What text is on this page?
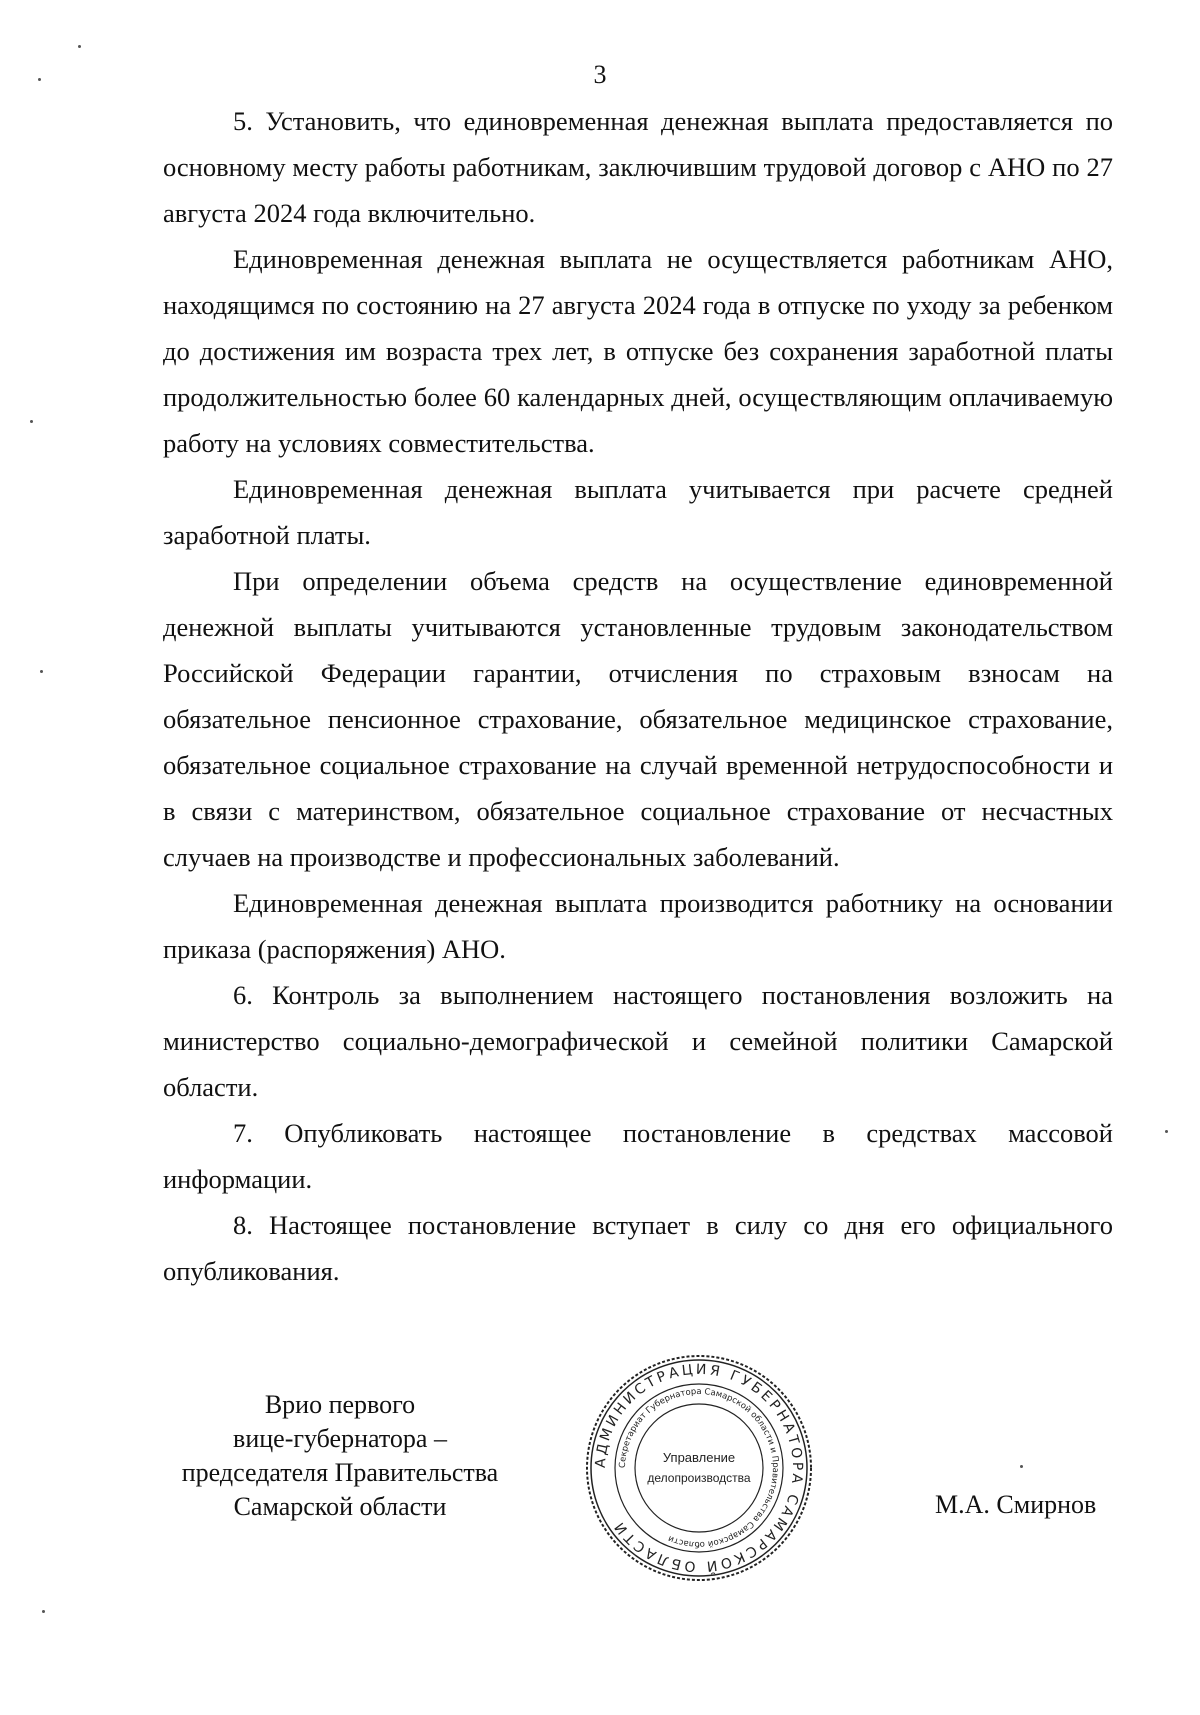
3

5. Установить, что единовременная денежная выплата предоставляется по основному месту работы работникам, заключившим трудовой договор с АНО по 27 августа 2024 года включительно.

Единовременная денежная выплата не осуществляется работникам АНО, находящимся по состоянию на 27 августа 2024 года в отпуске по уходу за ребенком до достижения им возраста трех лет, в отпуске без сохранения заработной платы продолжительностью более 60 календарных дней, осуществляющим оплачиваемую работу на условиях совместительства.

Единовременная денежная выплата учитывается при расчете средней заработной платы.

При определении объема средств на осуществление единовременной денежной выплаты учитываются установленные трудовым законодательством Российской Федерации гарантии, отчисления по страховым взносам на обязательное пенсионное страхование, обязательное медицинское страхование, обязательное социальное страхование на случай временной нетрудоспособности и в связи с материнством, обязательное социальное страхование от несчастных случаев на производстве и профессиональных заболеваний.

Единовременная денежная выплата производится работнику на основании приказа (распоряжения) АНО.

6. Контроль за выполнением настоящего постановления возложить на министерство социально-демографической и семейной политики Самарской области.

7. Опубликовать настоящее постановление в средствах массовой информации.

8. Настоящее постановление вступает в силу со дня его официального опубликования.

Врио первого
вице-губернатора –
председателя Правительства
Самарской области
АДМИНИСТРАЦИЯ ГУБЕРНАТОРА САМАРСКОЙ ОБЛАСТИ
Секретариат Губернатора Самарской области и Правительства Самарской области
Управление
делопроизводства
М.А. Смирнов
